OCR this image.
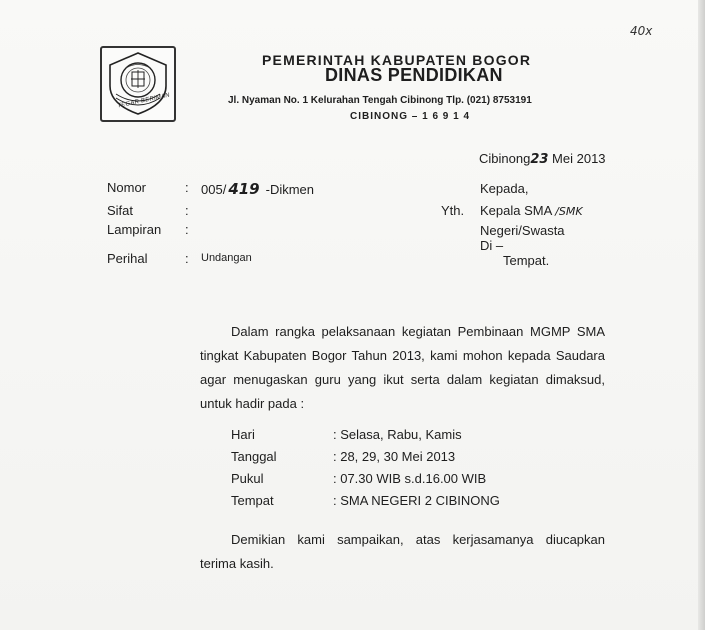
40x
TEGAR BERIMAN
PEMERINTAH KABUPATEN BOGOR
DINAS PENDIDIKAN
Jl. Nyaman No. 1 Kelurahan Tengah Cibinong Tlp. (021) 8753191
CIBINONG – 1 6 9 1 4
Cibinong23 Mei 2013
Nomor	: 005/ 419 -Dikmen
Sifat	:
Lampiran :
Perihal	: Undangan
Kepada,
Yth. Kepala SMA /SMK
Negeri/Swasta
Di –
Tempat.
Dalam rangka pelaksanaan kegiatan Pembinaan MGMP SMA
tingkat Kabupaten Bogor Tahun 2013, kami mohon kepada Saudara
agar menugaskan guru yang ikut serta dalam kegiatan dimaksud,
untuk hadir pada :
Hari	: Selasa, Rabu, Kamis
Tanggal	: 28, 29, 30 Mei 2013
Pukul	: 07.30 WIB s.d.16.00 WIB
Tempat	: SMA NEGERI 2 CIBINONG
Demikian kami sampaikan, atas kerjasamanya diucapkan
terima kasih.
